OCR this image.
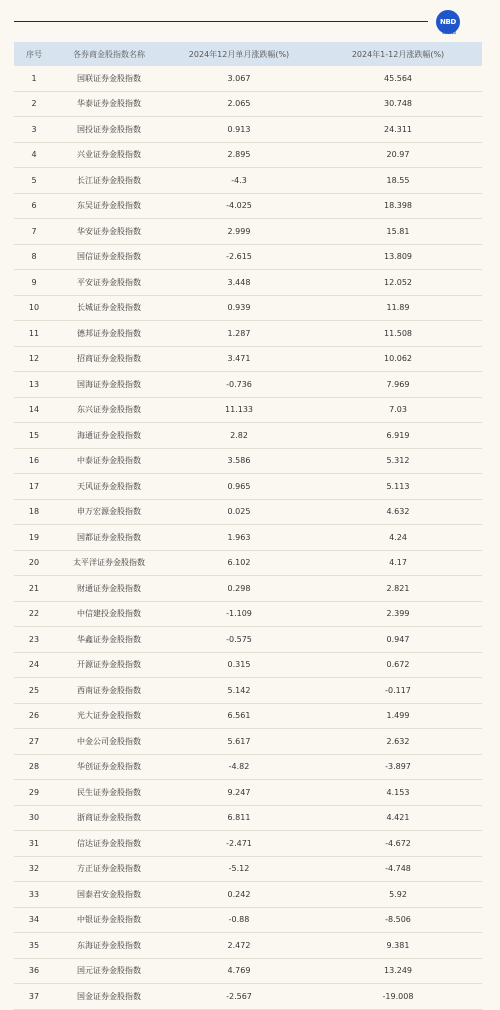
NBD
数据
序号	各券商金股指数名称	2024年12月单月涨跌幅(%)	2024年1-12月涨跌幅(%)
1	国联证券金股指数	3.067	45.564
2	华泰证券金股指数	2.065	30.748
3	国投证券金股指数	0.913	24.311
4	兴业证券金股指数	2.895	20.97
5	长江证券金股指数	-4.3	18.55
6	东吴证券金股指数	-4.025	18.398
7	华安证券金股指数	2.999	15.81
8	国信证券金股指数	-2.615	13.809
9	平安证券金股指数	3.448	12.052
10	长城证券金股指数	0.939	11.89
11	德邦证券金股指数	1.287	11.508
12	招商证券金股指数	3.471	10.062
13	国海证券金股指数	-0.736	7.969
14	东兴证券金股指数	11.133	7.03
15	海通证券金股指数	2.82	6.919
16	中泰证券金股指数	3.586	5.312
17	天风证券金股指数	0.965	5.113
18	申万宏源金股指数	0.025	4.632
19	国都证券金股指数	1.963	4.24
20	太平洋证券金股指数	6.102	4.17
21	财通证券金股指数	0.298	2.821
22	中信建投金股指数	-1.109	2.399
23	华鑫证券金股指数	-0.575	0.947
24	开源证券金股指数	0.315	0.672
25	西南证券金股指数	5.142	-0.117
26	光大证券金股指数	6.561	1.499
27	中金公司金股指数	5.617	2.632
28	华创证券金股指数	-4.82	-3.897
29	民生证券金股指数	9.247	4.153
30	浙商证券金股指数	6.811	4.421
31	信达证券金股指数	-2.471	-4.672
32	方正证券金股指数	-5.12	-4.748
33	国泰君安金股指数	0.242	5.92
34	中银证券金股指数	-0.88	-8.506
35	东海证券金股指数	2.472	9.381
36	国元证券金股指数	4.769	13.249
37	国金证券金股指数	-2.567	-19.008
